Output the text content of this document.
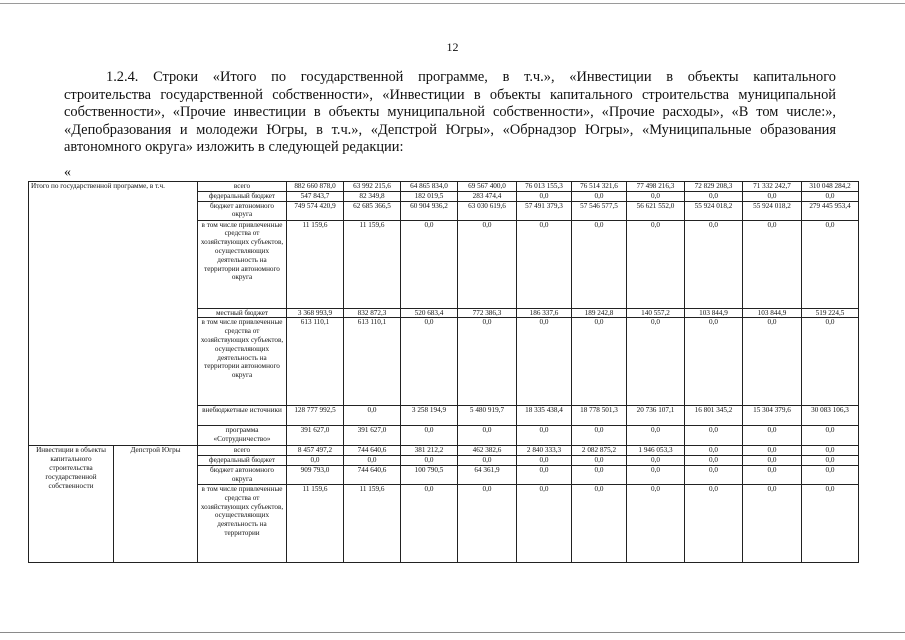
12

1.2.4. Строки «Итого по государственной программе, в т.ч.», «Инвестиции в объекты капитального
строительства государственной собственности», «Инвестиции в объекты капитального строительства муниципальной
собственности», «Прочие инвестиции в объекты муниципальной собственности», «Прочие расходы», «В том числе:»,
«Депобразования и молодежи Югры, в т.ч.», «Депстрой Югры», «Обрнадзор Югры», «Муниципальные образования
автономного округа» изложить в следующей редакции:

«
Итого по государственной программе, в т.ч.		всего	882 660 878,0	63 992 215,6	64 865 834,0	69 567 400,0	76 013 155,3	76 514 321,6	77 498 216,3	72 829 208,3	71 332 242,7	310 048 284,2
		федеральный бюджет	547 843,7	82 349,8	182 019,5	283 474,4	0,0	0,0	0,0	0,0	0,0	0,0
		бюджет автономного округа	749 574 420,9	62 685 366,5	60 904 936,2	63 030 619,6	57 491 379,3	57 546 577,5	56 621 552,0	55 924 018,2	55 924 018,2	279 445 953,4
		в том числе привлеченные средства от хозяйствующих субъектов, осуществляющих деятельность на территории автономного округа	11 159,6	11 159,6	0,0	0,0	0,0	0,0	0,0	0,0	0,0	0,0
		местный бюджет	3 368 993,9	832 872,3	520 683,4	772 386,3	186 337,6	189 242,8	140 557,2	103 844,9	103 844,9	519 224,5
		в том числе привлеченные средства от хозяйствующих субъектов, осуществляющих деятельность на территории автономного округа	613 110,1	613 110,1	0,0	0,0	0,0	0,0	0,0	0,0	0,0	0,0
		внебюджетные источники	128 777 992,5	0,0	3 258 194,9	5 480 919,7	18 335 438,4	18 778 501,3	20 736 107,1	16 801 345,2	15 304 379,6	30 083 106,3
		программа «Сотрудничество»	391 627,0	391 627,0	0,0	0,0	0,0	0,0	0,0	0,0	0,0	0,0
Инвестиции в объекты капитального строительства государственной собственности	Депстрой Югры	всего	8 457 497,2	744 640,6	381 212,2	462 382,6	2 840 333,3	2 082 875,2	1 946 053,3	0,0	0,0	0,0
		федеральный бюджет	0,0	0,0	0,0	0,0	0,0	0,0	0,0	0,0	0,0	0,0
		бюджет автономного округа	909 793,0	744 640,6	100 790,5	64 361,9	0,0	0,0	0,0	0,0	0,0	0,0
		в том числе привлеченные средства от хозяйствующих субъектов, осуществляющих деятельность на территории	11 159,6	11 159,6	0,0	0,0	0,0	0,0	0,0	0,0	0,0	0,0
